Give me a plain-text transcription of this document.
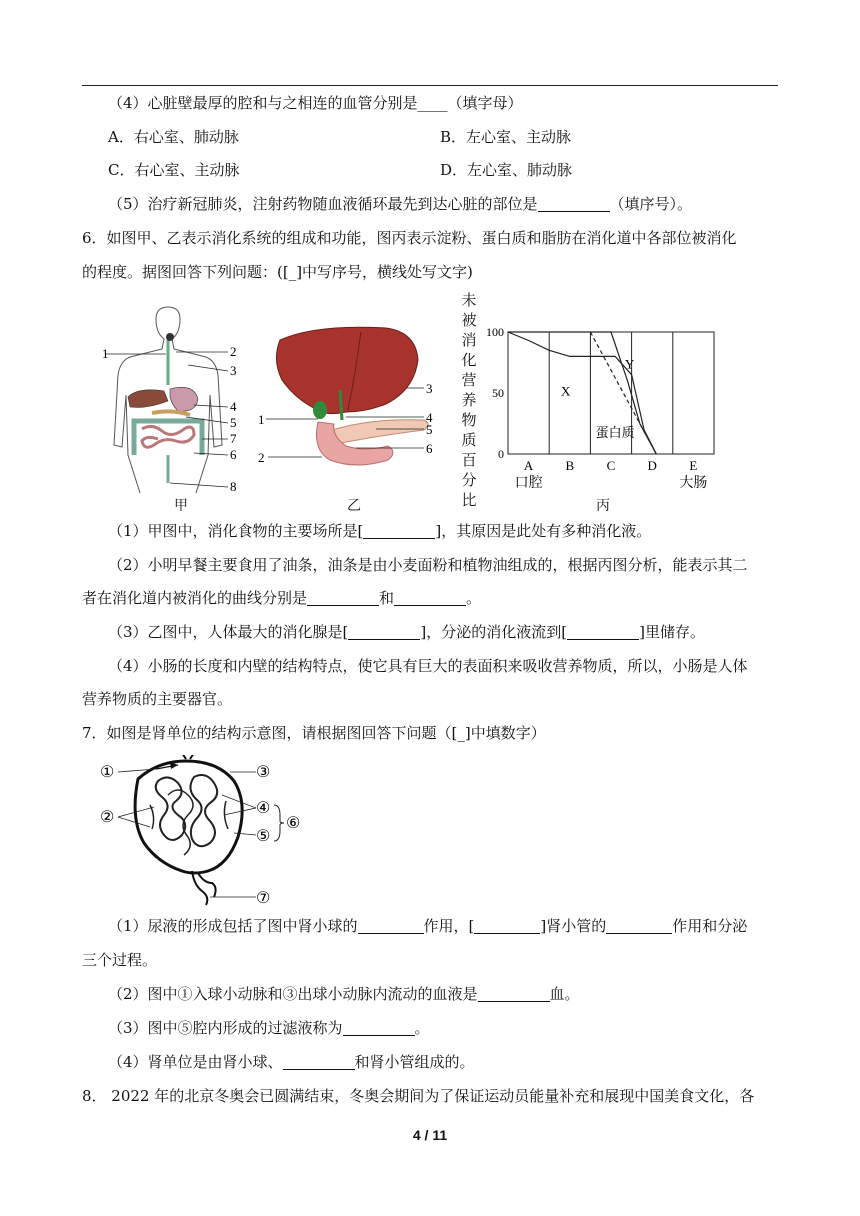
（4）心脏壁最厚的腔和与之相连的血管分别是____（填字母）
A．右心室、肺动脉	B．左心室、主动脉
C．右心室、主动脉	D．左心室、肺动脉
（5）治疗新冠肺炎，注射药物随血液循环最先到达心脏的部位是	（填序号）。
6．如图甲、乙表示消化系统的组成和功能，图丙表示淀粉、蛋白质和脂肪在消化道中各部位被消化
的程度。据图回答下列问题：([_]中写序号，横线处写文字)
1	2
3
4
5
7
6
8
甲
3
1	4
5
6
2
乙
未
被
消
化
营
养
物
质
百
分
比
100
50
0
A
口腔
B	C D	E
大肠
X
Y
蛋白质
丙
（1）甲图中，消化食物的主要场所是[	]，其原因是此处有多种消化液。
（2）小明早餐主要食用了油条，油条是由小麦面粉和植物油组成的，根据丙图分析，能表示其二
者在消化道内被消化的曲线分别是	和	。
（3）乙图中，人体最大的消化腺是[	]，分泌的消化液流到[	]里储存。
（4）小肠的长度和内壁的结构特点，使它具有巨大的表面积来吸收营养物质，所以，小肠是人体
营养物质的主要器官。
7．如图是肾单位的结构示意图，请根据图回答下问题（[_]中填数字）
①	③
④
②
⑤
⑥
⑦
（1）尿液的形成包括了图中肾小球的	作用，[	]肾小管的	作用和分泌
三个过程。
（2）图中①入球小动脉和③出球小动脉内流动的血液是	血。
（3）图中⑤腔内形成的过滤液称为	。
（4）肾单位是由肾小球、	和肾小管组成的。
8． 2022 年的北京冬奥会已圆满结束，冬奥会期间为了保证运动员能量补充和展现中国美食文化，各
4 / 11
